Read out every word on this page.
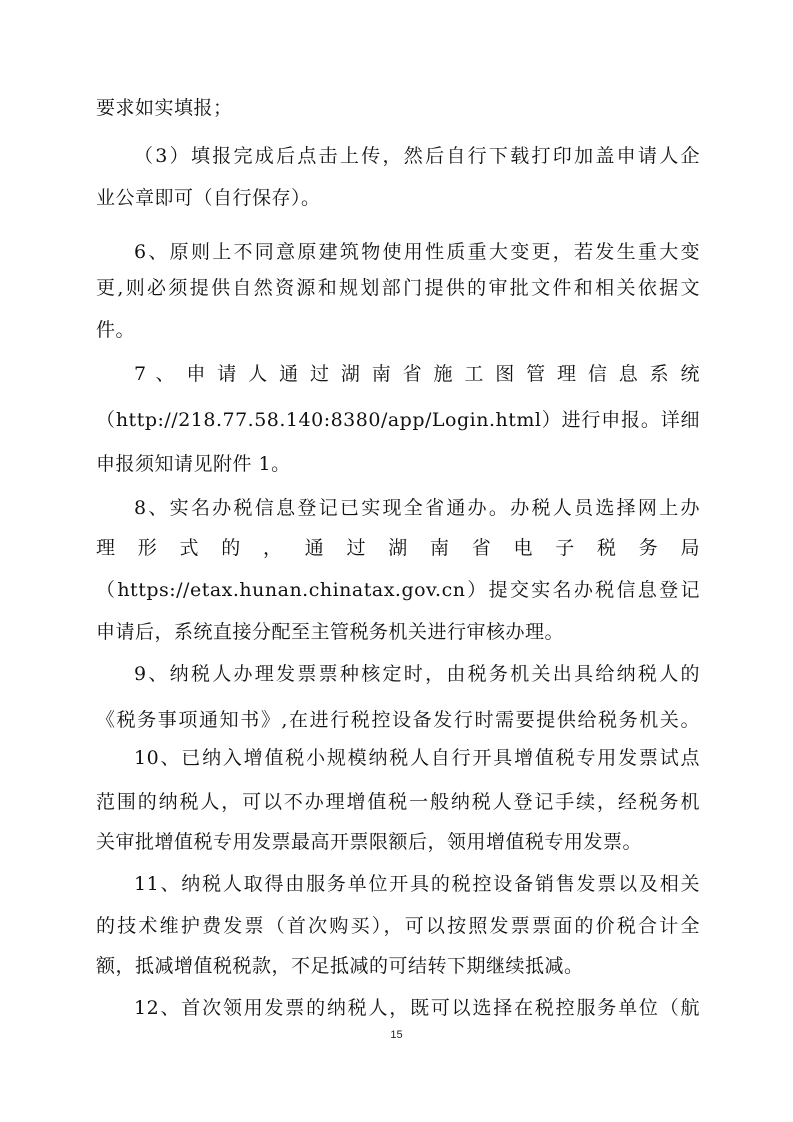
要求如实填报；
（3）填报完成后点击上传，然后自行下载打印加盖申请人企
业公章即可（自行保存）。
6、原则上不同意原建筑物使用性质重大变更，若发生重大变
更,则必须提供自然资源和规划部门提供的审批文件和相关依据文
件。
7 、 申 请 人 通 过 湖 南 省 施 工 图 管 理 信 息 系 统
（http://218.77.58.140:8380/app/Login.html）进行申报。详细
申报须知请见附件 1。
8、实名办税信息登记已实现全省通办。办税人员选择网上办
理 形 式 的 ， 通 过 湖 南 省 电 子 税 务 局
（https://etax.hunan.chinatax.gov.cn）提交实名办税信息登记
申请后，系统直接分配至主管税务机关进行审核办理。
9、纳税人办理发票票种核定时，由税务机关出具给纳税人的
《税务事项通知书》,在进行税控设备发行时需要提供给税务机关。
10、已纳入增值税小规模纳税人自行开具增值税专用发票试点
范围的纳税人，可以不办理增值税一般纳税人登记手续，经税务机
关审批增值税专用发票最高开票限额后，领用增值税专用发票。
11、纳税人取得由服务单位开具的税控设备销售发票以及相关
的技术维护费发票（首次购买），可以按照发票票面的价税合计全
额，抵减增值税税款，不足抵减的可结转下期继续抵减。
12、首次领用发票的纳税人，既可以选择在税控服务单位（航
15
